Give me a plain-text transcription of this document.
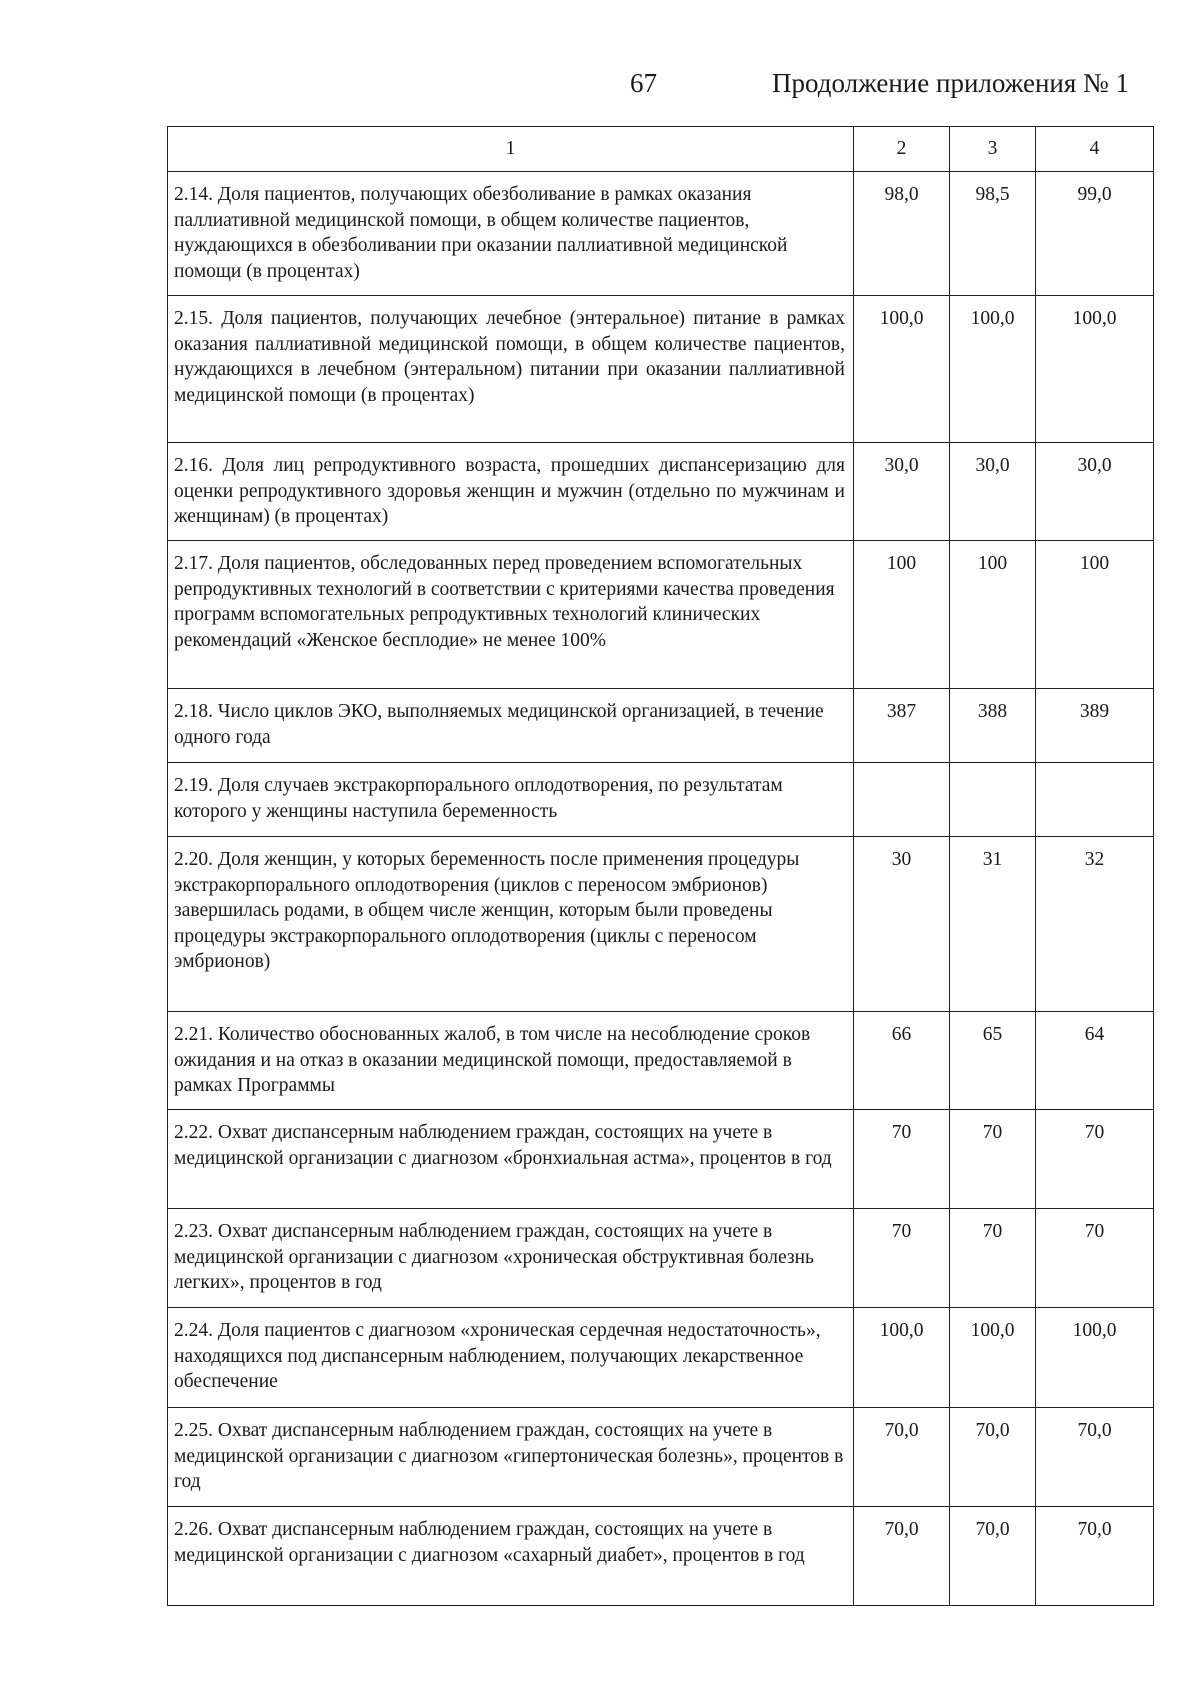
67	Продолжение приложения № 1
1	2	3	4
2.14. Доля пациентов, получающих обезболивание в рамках оказания паллиативной медицинской помощи, в общем количестве пациентов, нуждающихся в обезболивании при оказании паллиативной медицинской помощи (в процентах)	98,0	98,5	99,0
2.15. Доля пациентов, получающих лечебное (энтеральное) питание в рамках оказания паллиативной медицинской помощи, в общем количестве пациентов, нуждающихся в лечебном (энтеральном) питании при оказании паллиативной медицинской помощи (в процентах)	100,0	100,0	100,0
2.16. Доля лиц репродуктивного возраста, прошедших диспансеризацию для оценки репродуктивного здоровья женщин и мужчин (отдельно по мужчинам и женщинам) (в процентах)	30,0	30,0	30,0
2.17. Доля пациентов, обследованных перед проведением вспомогательных репродуктивных технологий в соответствии с критериями качества проведения программ вспомогательных репродуктивных технологий клинических рекомендаций «Женское бесплодие» не менее 100%	100	100	100
2.18. Число циклов ЭКО, выполняемых медицинской организацией, в течение одного года	387	388	389
2.19. Доля случаев экстракорпорального оплодотворения, по результатам которого у женщины наступила беременность			
2.20. Доля женщин, у которых беременность после применения процедуры экстракорпорального оплодотворения (циклов с переносом эмбрионов) завершилась родами, в общем числе женщин, которым были проведены процедуры экстракорпорального оплодотворения (циклы с переносом эмбрионов)	30	31	32
2.21. Количество обоснованных жалоб, в том числе на несоблюдение сроков ожидания и на отказ в оказании медицинской помощи, предоставляемой в рамках Программы	66	65	64
2.22. Охват диспансерным наблюдением граждан, состоящих на учете в медицинской организации с диагнозом «бронхиальная астма», процентов в год	70	70	70
2.23. Охват диспансерным наблюдением граждан, состоящих на учете в медицинской организации с диагнозом «хроническая обструктивная болезнь легких», процентов в год	70	70	70
2.24. Доля пациентов с диагнозом «хроническая сердечная недостаточность», находящихся под диспансерным наблюдением, получающих лекарственное обеспечение	100,0	100,0	100,0
2.25. Охват диспансерным наблюдением граждан, состоящих на учете в медицинской организации с диагнозом «гипертоническая болезнь», процентов в год	70,0	70,0	70,0
2.26. Охват диспансерным наблюдением граждан, состоящих на учете в медицинской организации с диагнозом «сахарный диабет», процентов в год	70,0	70,0	70,0
